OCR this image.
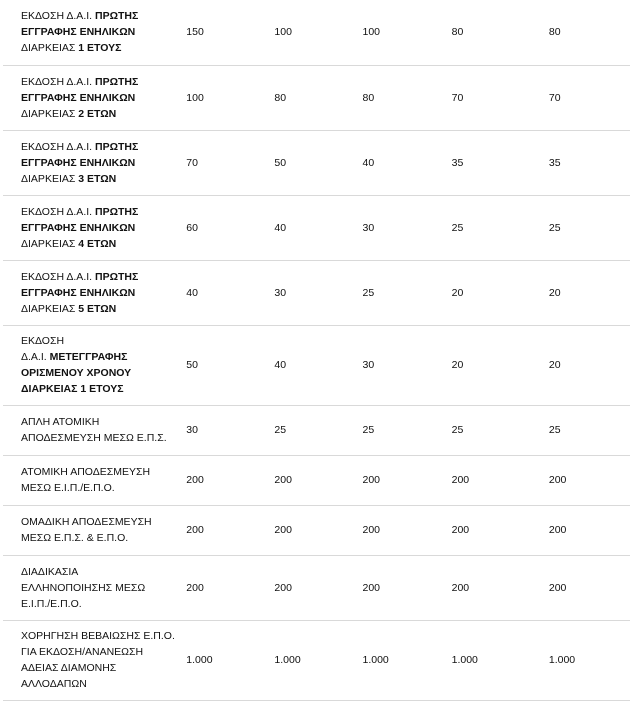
ΕΚΔΟΣΗ Δ.Α.Ι. ΠΡΩΤΗΣ
ΕΓΓΡΑΦΗΣ ΕΝΗΛΙΚΩΝ
ΔΙΑΡΚΕΙΑΣ 1 ΕΤΟΥΣ	150	100	100	80	80
ΕΚΔΟΣΗ Δ.Α.Ι. ΠΡΩΤΗΣ
ΕΓΓΡΑΦΗΣ ΕΝΗΛΙΚΩΝ
ΔΙΑΡΚΕΙΑΣ 2 ΕΤΩΝ	100	80	80	70	70
ΕΚΔΟΣΗ Δ.Α.Ι. ΠΡΩΤΗΣ
ΕΓΓΡΑΦΗΣ ΕΝΗΛΙΚΩΝ
ΔΙΑΡΚΕΙΑΣ 3 ΕΤΩΝ	70	50	40	35	35
ΕΚΔΟΣΗ Δ.Α.Ι. ΠΡΩΤΗΣ
ΕΓΓΡΑΦΗΣ ΕΝΗΛΙΚΩΝ
ΔΙΑΡΚΕΙΑΣ 4 ΕΤΩΝ	60	40	30	25	25
ΕΚΔΟΣΗ Δ.Α.Ι. ΠΡΩΤΗΣ
ΕΓΓΡΑΦΗΣ ΕΝΗΛΙΚΩΝ
ΔΙΑΡΚΕΙΑΣ 5 ΕΤΩΝ	40	30	25	20	20
ΕΚΔΟΣΗ
Δ.Α.Ι. ΜΕΤΕΓΓΡΑΦΗΣ
ΟΡΙΣΜΕΝΟΥ ΧΡΟΝΟΥ
ΔΙΑΡΚΕΙΑΣ 1 ΕΤΟΥΣ	50	40	30	20	20
ΑΠΛΗ ΑΤΟΜΙΚΗ
ΑΠΟΔΕΣΜΕΥΣΗ ΜΕΣΩ Ε.Π.Σ.	30	25	25	25	25
ΑΤΟΜΙΚΗ ΑΠΟΔΕΣΜΕΥΣΗ
ΜΕΣΩ Ε.Ι.Π./Ε.Π.Ο.	200	200	200	200	200
ΟΜΑΔΙΚΗ ΑΠΟΔΕΣΜΕΥΣΗ
ΜΕΣΩ Ε.Π.Σ. & Ε.Π.Ο.	200	200	200	200	200
ΔΙΑΔΙΚΑΣΙΑ
ΕΛΛΗΝΟΠΟΙΗΣΗΣ ΜΕΣΩ
Ε.Ι.Π./Ε.Π.Ο.	200	200	200	200	200
ΧΟΡΗΓΗΣΗ ΒΕΒΑΙΩΣΗΣ Ε.Π.Ο.
ΓΙΑ ΕΚΔΟΣΗ/ΑΝΑΝΕΩΣΗ
ΑΔΕΙΑΣ ΔΙΑΜΟΝΗΣ
ΑΛΛΟΔΑΠΩΝ	1.000	1.000	1.000	1.000	1.000
